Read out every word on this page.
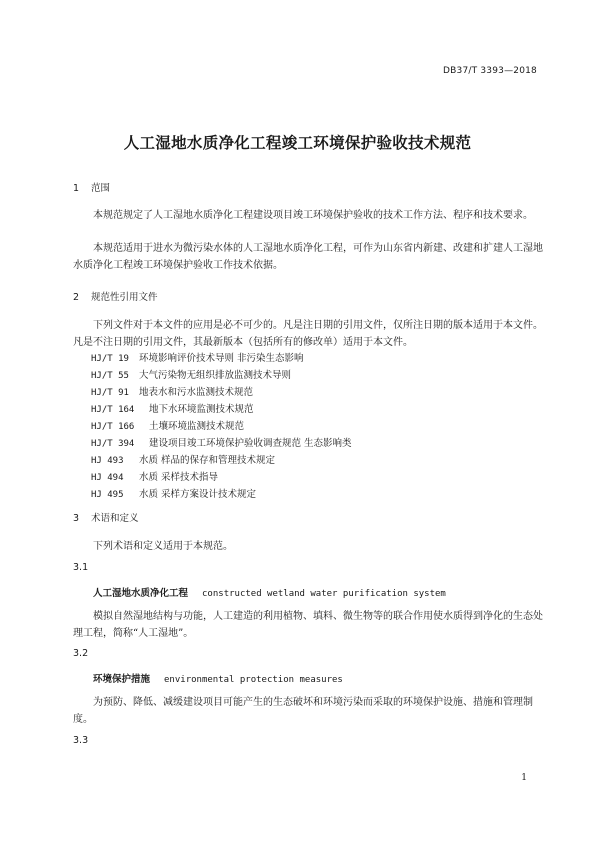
DB37/T 3393—2018
人工湿地水质净化工程竣工环境保护验收技术规范
1 范围
本规范规定了人工湿地水质净化工程建设项目竣工环境保护验收的技术工作方法、程序和技术要求。
本规范适用于进水为微污染水体的人工湿地水质净化工程，可作为山东省内新建、改建和扩建人工湿地水质净化工程竣工环境保护验收工作技术依据。
2 规范性引用文件
下列文件对于本文件的应用是必不可少的。凡是注日期的引用文件，仅所注日期的版本适用于本文件。凡是不注日期的引用文件，其最新版本（包括所有的修改单）适用于本文件。
HJ/T 19 环境影响评价技术导则 非污染生态影响
HJ/T 55 大气污染物无组织排放监测技术导则
HJ/T 91 地表水和污水监测技术规范
HJ/T 164 地下水环境监测技术规范
HJ/T 166 土壤环境监测技术规范
HJ/T 394 建设项目竣工环境保护验收调查规范 生态影响类
HJ 493 水质 样品的保存和管理技术规定
HJ 494 水质 采样技术指导
HJ 495 水质 采样方案设计技术规定
3 术语和定义
下列术语和定义适用于本规范。
3.1
人工湿地水质净化工程 constructed wetland water purification system
模拟自然湿地结构与功能，人工建造的利用植物、填料、微生物等的联合作用使水质得到净化的生态处理工程，简称“人工湿地”。
3.2
环境保护措施 environmental protection measures
为预防、降低、减缓建设项目可能产生的生态破坏和环境污染而采取的环境保护设施、措施和管理制度。
3.3
1
